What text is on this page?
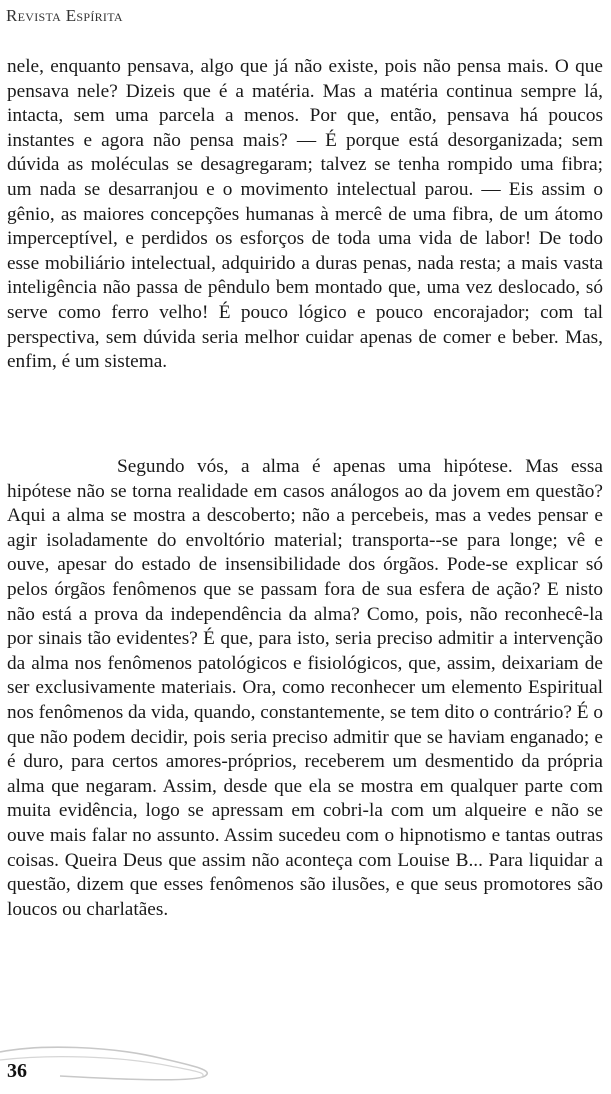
Revista Espírita

nele, enquanto pensava, algo que já não existe, pois não pensa mais. O que pensava nele? Dizeis que é a matéria. Mas a matéria continua sempre lá, intacta, sem uma parcela a menos. Por que, então, pensava há poucos instantes e agora não pensa mais? — É porque está desorganizada; sem dúvida as moléculas se desagregaram; talvez se tenha rompido uma fibra; um nada se desarranjou e o movimento intelectual parou. — Eis assim o gênio, as maiores concepções humanas à mercê de uma fibra, de um átomo imperceptível, e perdidos os esforços de toda uma vida de labor! De todo esse mobiliário intelectual, adquirido a duras penas, nada resta; a mais vasta inteligência não passa de pêndulo bem montado que, uma vez deslocado, só serve como ferro velho! É pouco lógico e pouco encorajador; com tal perspectiva, sem dúvida seria melhor cuidar apenas de comer e beber. Mas, enfim, é um sistema.

Segundo vós, a alma é apenas uma hipótese. Mas essa hipótese não se torna realidade em casos análogos ao da jovem em questão? Aqui a alma se mostra a descoberto; não a percebeis, mas a vedes pensar e agir isoladamente do envoltório material; transporta--se para longe; vê e ouve, apesar do estado de insensibilidade dos órgãos. Pode-se explicar só pelos órgãos fenômenos que se passam fora de sua esfera de ação? E nisto não está a prova da independência da alma? Como, pois, não reconhecê-la por sinais tão evidentes? É que, para isto, seria preciso admitir a intervenção da alma nos fenômenos patológicos e fisiológicos, que, assim, deixariam de ser exclusivamente materiais. Ora, como reconhecer um elemento Espiritual nos fenômenos da vida, quando, constantemente, se tem dito o contrário? É o que não podem decidir, pois seria preciso admitir que se haviam enganado; e é duro, para certos amores-próprios, receberem um desmentido da própria alma que negaram. Assim, desde que ela se mostra em qualquer parte com muita evidência, logo se apressam em cobri-la com um alqueire e não se ouve mais falar no assunto. Assim sucedeu com o hipnotismo e tantas outras coisas. Queira Deus que assim não aconteça com Louise B... Para liquidar a questão, dizem que esses fenômenos são ilusões, e que seus promotores são loucos ou charlatães.

36
